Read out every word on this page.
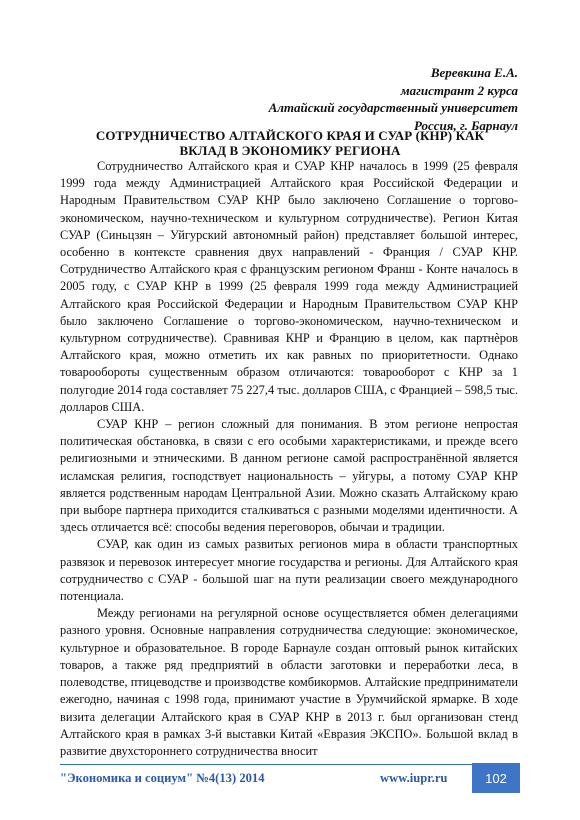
Веревкина Е.А.
магистрант 2 курса
Алтайский государственный университет
Россия, г. Барнаул
СОТРУДНИЧЕСТВО АЛТАЙСКОГО КРАЯ И СУАР (КНР) КАК
ВКЛАД В ЭКОНОМИКУ РЕГИОНА

Сотрудничество Алтайского края и СУАР КНР началось в 1999 (25 февраля 1999 года между Администрацией Алтайского края Российской Федерации и Народным Правительством СУАР КНР было заключено Соглашение о торгово-экономическом, научно-техническом и культурном сотрудничестве). Регион Китая СУАР (Синьцзян – Уйгурский автономный район) представляет большой интерес, особенно в контексте сравнения двух направлений - Франция / СУАР КНР. Сотрудничество Алтайского края с французским регионом Франш - Конте началось в 2005 году, с СУАР КНР в 1999 (25 февраля 1999 года между Администрацией Алтайского края Российской Федерации и Народным Правительством СУАР КНР было заключено Соглашение о торгово-экономическом, научно-техническом и культурном сотрудничестве). Сравнивая КНР и Францию в целом, как партнѐров Алтайского края, можно отметить их как равных по приоритетности. Однако товарообороты существенным образом отличаются: товарооборот с КНР за 1 полугодие 2014 года составляет 75 227,4 тыс. долларов США, с Францией – 598,5 тыс. долларов США.

СУАР КНР – регион сложный для понимания. В этом регионе непростая политическая обстановка, в связи с его особыми характеристиками, и прежде всего религиозными и этническими. В данном регионе самой распространённой является исламская религия, господствует национальность – уйгуры, а потому СУАР КНР является родственным народам Центральной Азии. Можно сказать Алтайскому краю при выборе партнера приходится сталкиваться с разными моделями идентичности. А здесь отличается всё: способы ведения переговоров, обычаи и традиции.

СУАР, как один из самых развитых регионов мира в области транспортных развязок и перевозок интересует многие государства и регионы. Для Алтайского края сотрудничество с СУАР - большой шаг на пути реализации своего международного потенциала.

Между регионами на регулярной основе осуществляется обмен делегациями разного уровня. Основные направления сотрудничества следующие: экономическое, культурное и образовательное. В городе Барнауле создан оптовый рынок китайских товаров, а также ряд предприятий в области заготовки и переработки леса, в полеводстве, птицеводстве и производстве комбикормов. Алтайские предприниматели ежегодно, начиная с 1998 года, принимают участие в Урумчийской ярмарке. В ходе визита делегации Алтайского края в СУАР КНР в 2013 г. был организован стенд Алтайского края в рамках 3-й выставки Китай «Евразия ЭКСПО». Большой вклад в развитие двухстороннего сотрудничества вносит

"Экономика и социум" №4(13) 2014	www.iupr.ru	102
